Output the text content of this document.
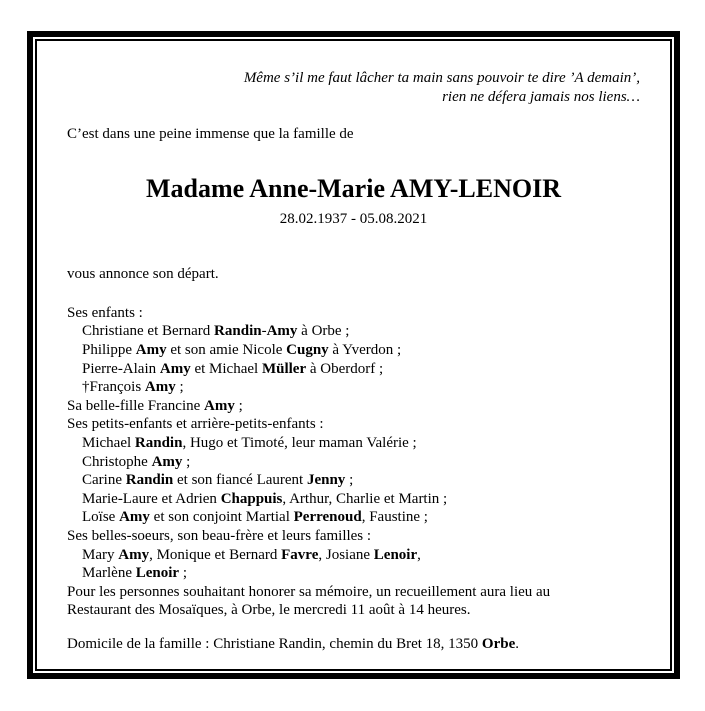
Même s’il me faut lâcher ta main sans pouvoir te dire ’A demain’,
rien ne défera jamais nos liens…
C’est dans une peine immense que la famille de
Madame Anne-Marie AMY-LENOIR
28.02.1937 - 05.08.2021
vous annonce son départ.
Ses enfants :
Christiane et Bernard Randin-Amy à Orbe ;
Philippe Amy et son amie Nicole Cugny à Yverdon ;
Pierre-Alain Amy et Michael Müller à Oberdorf ;
†François Amy ;
Sa belle-fille Francine Amy ;
Ses petits-enfants et arrière-petits-enfants :
Michael Randin, Hugo et Timoté, leur maman Valérie ;
Christophe Amy ;
Carine Randin et son fiancé Laurent Jenny ;
Marie-Laure et Adrien Chappuis, Arthur, Charlie et Martin ;
Loïse Amy et son conjoint Martial Perrenoud, Faustine ;
Ses belles-soeurs, son beau-frère et leurs familles :
Mary Amy, Monique et Bernard Favre, Josiane Lenoir,
Marlène Lenoir ;
Pour les personnes souhaitant honorer sa mémoire, un recueillement aura lieu au
Restaurant des Mosaïques, à Orbe, le mercredi 11 août à 14 heures.
Domicile de la famille : Christiane Randin, chemin du Bret 18, 1350 Orbe.
